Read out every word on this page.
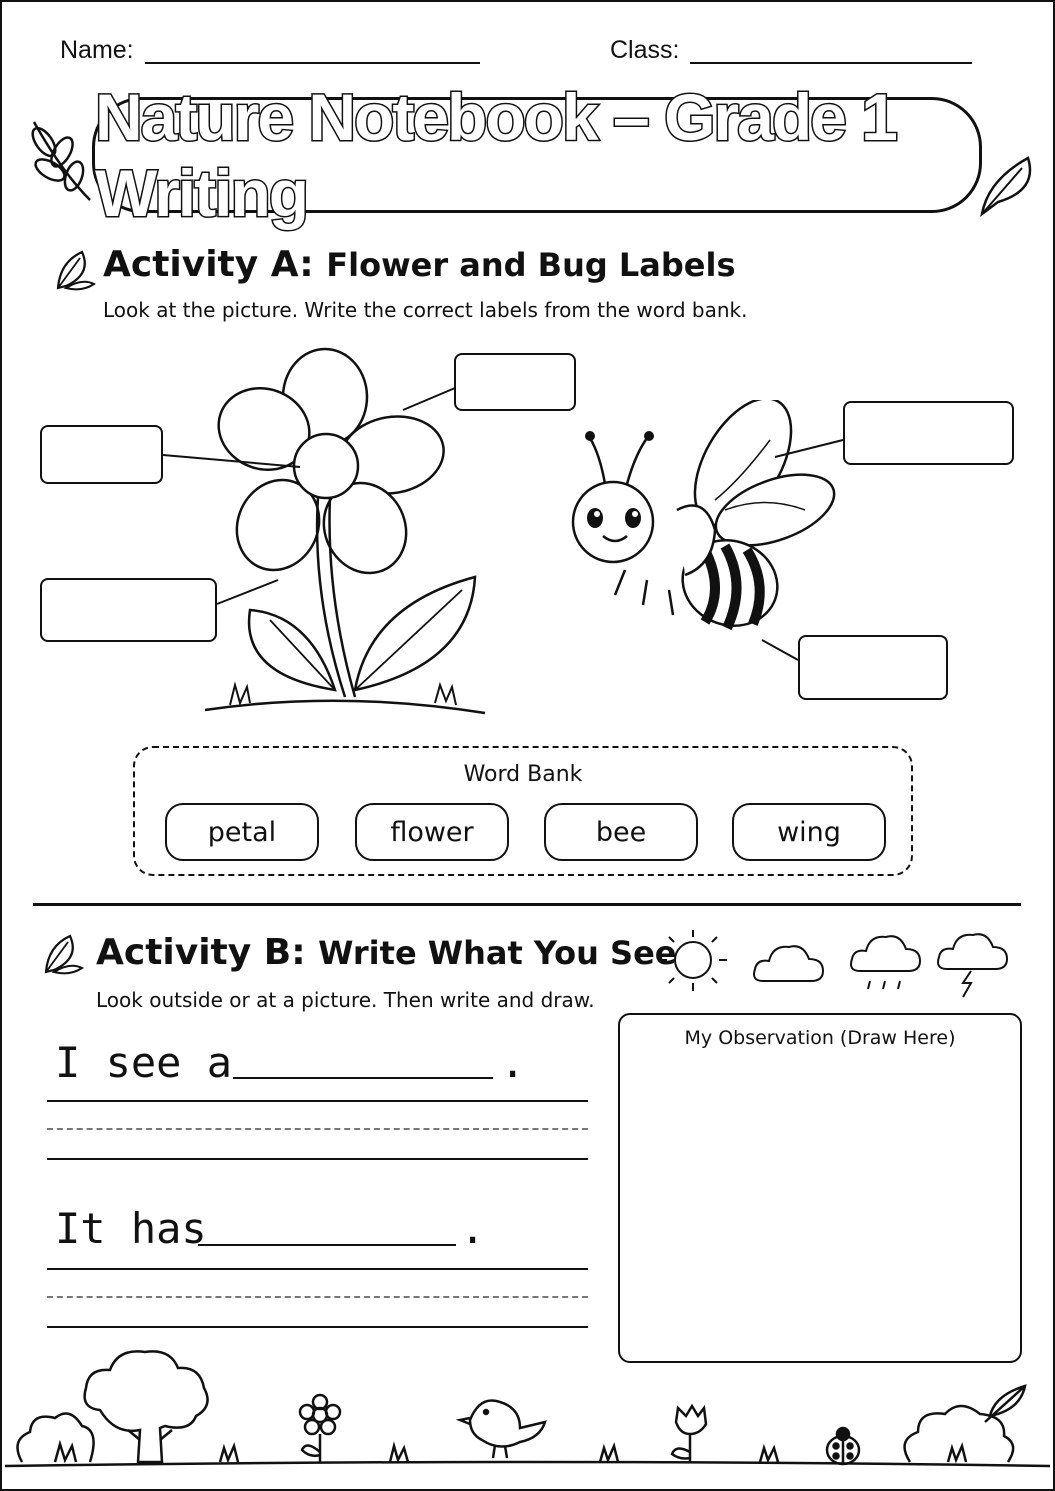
Name:	Class:
Nature Notebook – Grade 1 Writing
Activity A: Flower and Bug Labels
Look at the picture. Write the correct labels from the word bank.
Word Bank
petal	flower	bee	wing
Activity B: Write What You See
Look outside or at a picture. Then write and draw.
I see a	.
It has	.
My Observation (Draw Here)
